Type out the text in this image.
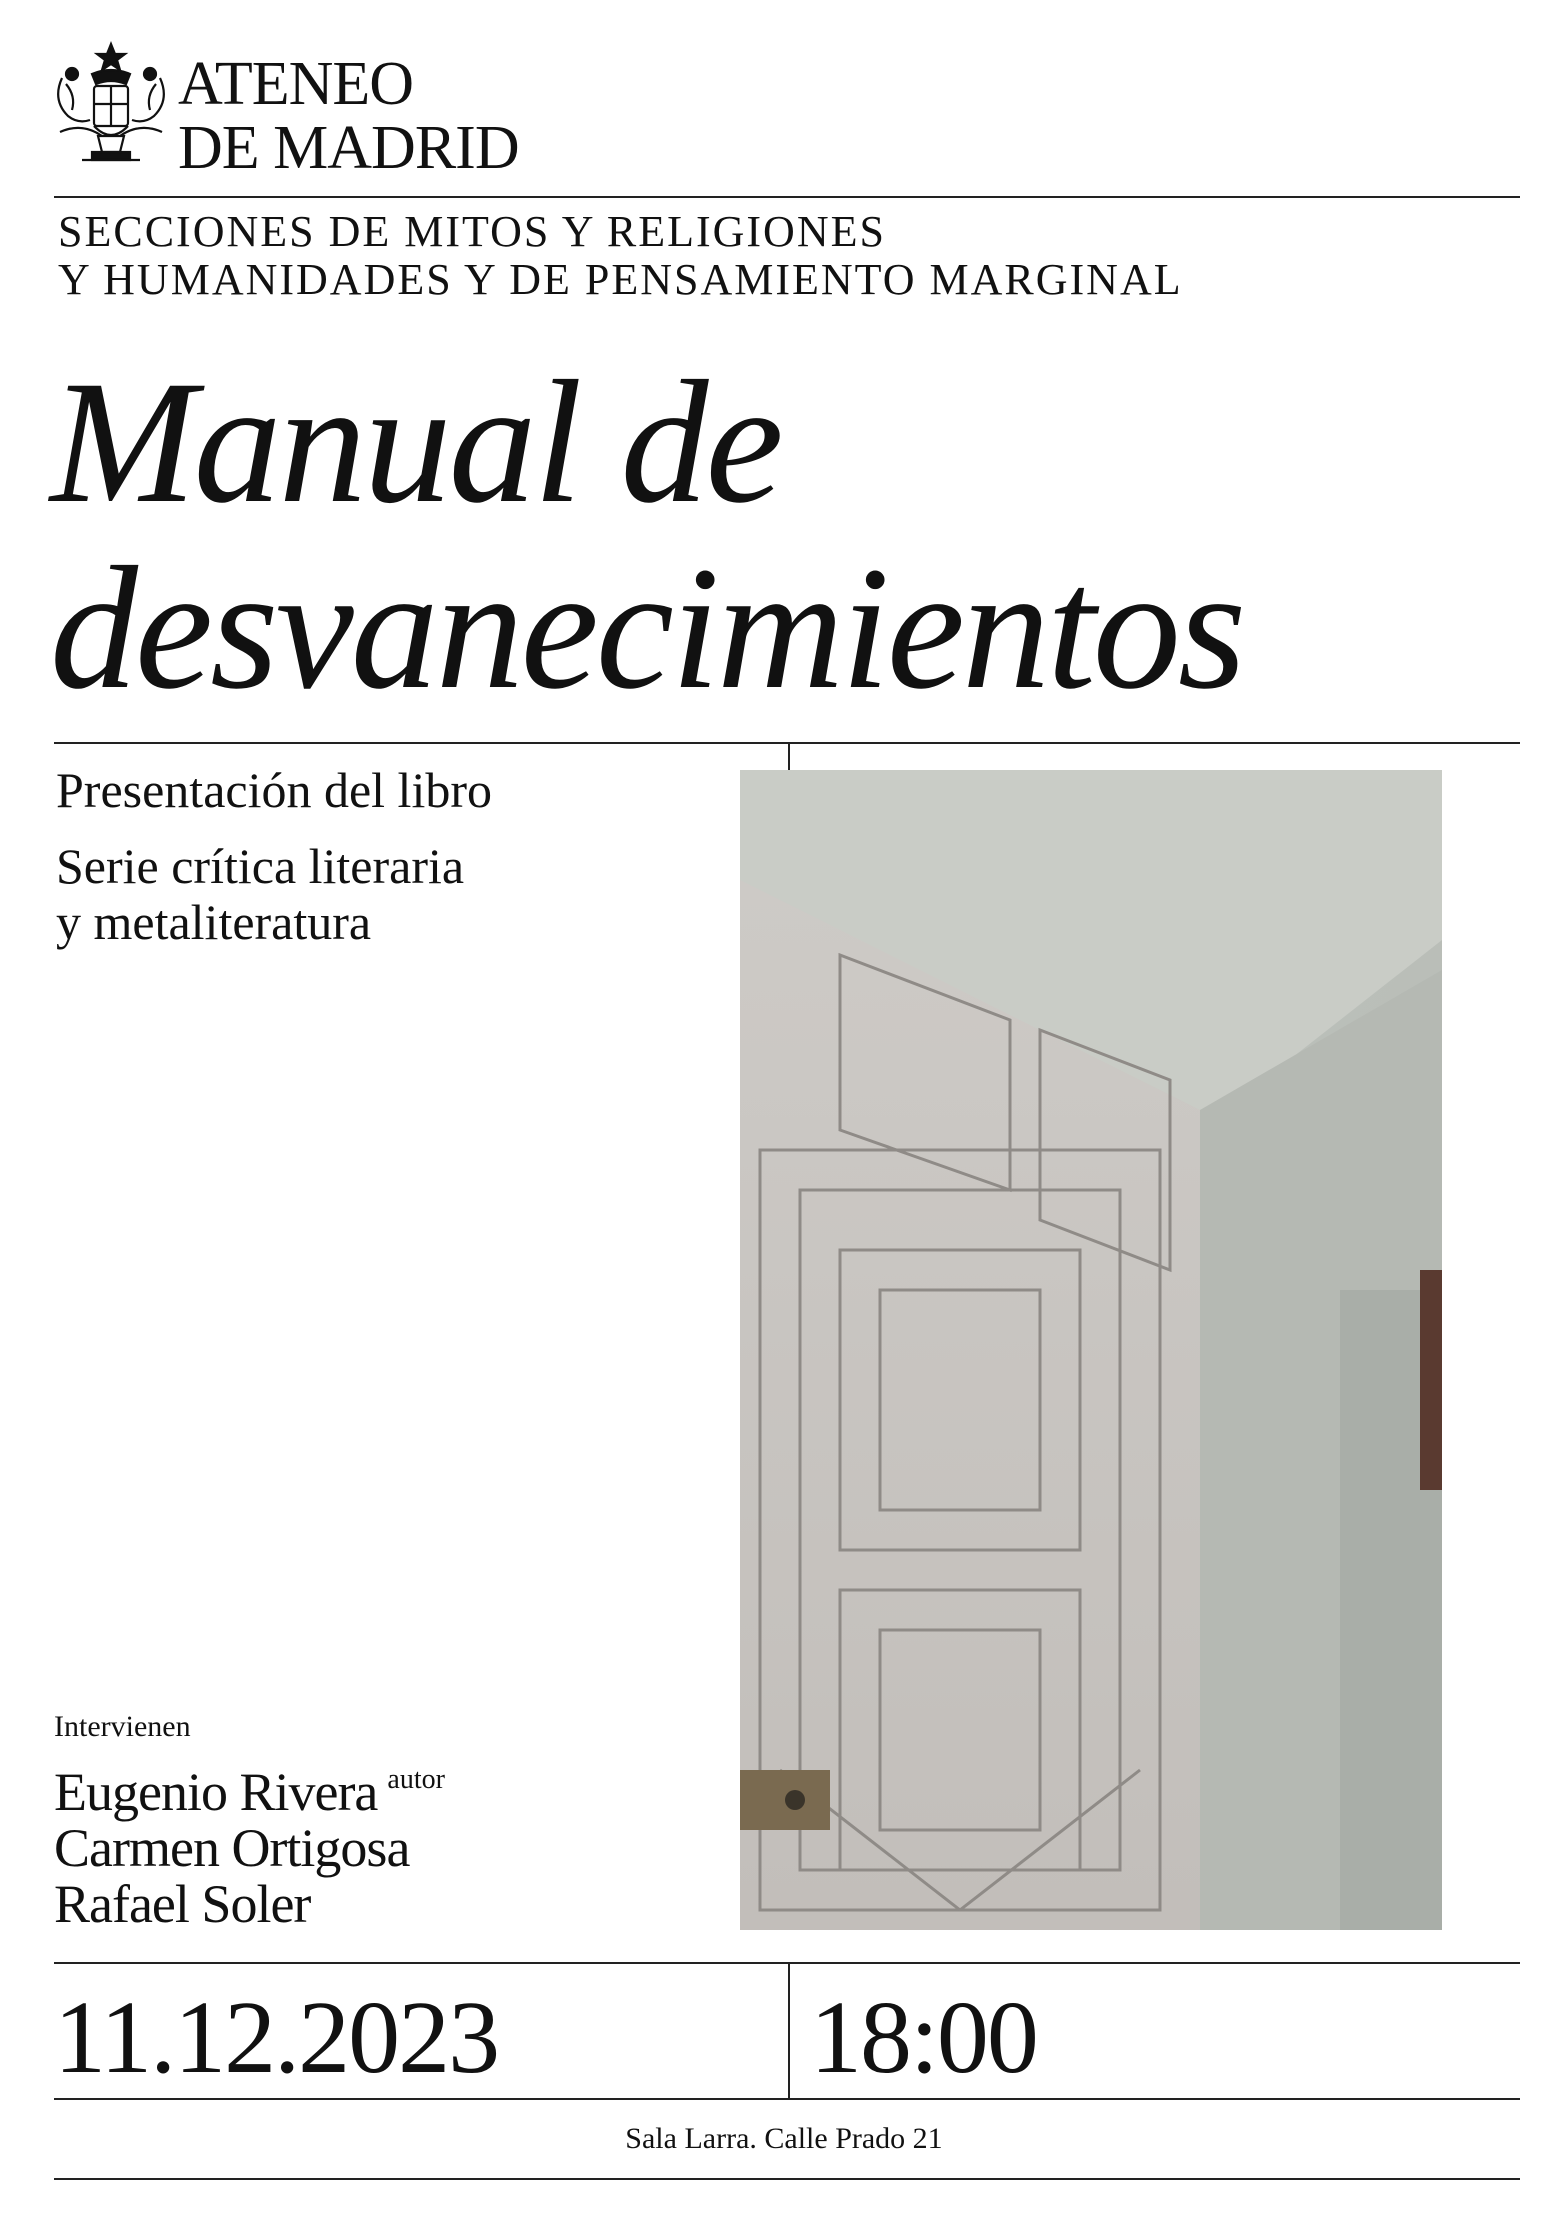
ATENEO
DE MADRID
SECCIONES DE MITOS Y RELIGIONES
Y HUMANIDADES Y DE PENSAMIENTO MARGINAL
Manual de
desvanecimientos
Presentación del libro
Serie crítica literaria
y metaliteratura
Intervienen
Eugenio Rivera $^{autor}$
Carmen Ortigosa
Rafael Soler
11.12.2023	18:00
Sala Larra. Calle Prado 21
